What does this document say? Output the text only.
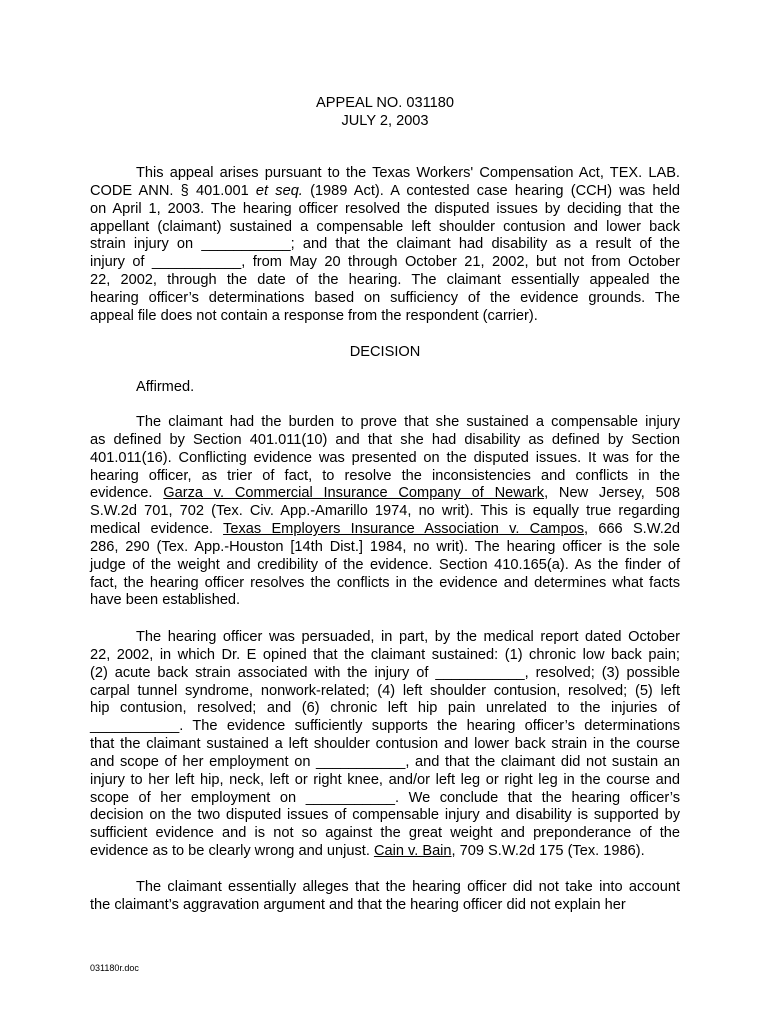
APPEAL NO. 031180
JULY 2, 2003
This appeal arises pursuant to the Texas Workers' Compensation Act, TEX. LAB.
CODE ANN. § 401.001 et seq. (1989 Act). A contested case hearing (CCH) was held
on April 1, 2003. The hearing officer resolved the disputed issues by deciding that the
appellant (claimant) sustained a compensable left shoulder contusion and lower back
strain injury on ___________; and that the claimant had disability as a result of the
injury of ___________, from May 20 through October 21, 2002, but not from October
22, 2002, through the date of the hearing. The claimant essentially appealed the
hearing officer’s determinations based on sufficiency of the evidence grounds. The
appeal file does not contain a response from the respondent (carrier).
DECISION
Affirmed.
The claimant had the burden to prove that she sustained a compensable injury
as defined by Section 401.011(10) and that she had disability as defined by Section
401.011(16). Conflicting evidence was presented on the disputed issues. It was for the
hearing officer, as trier of fact, to resolve the inconsistencies and conflicts in the
evidence. Garza v. Commercial Insurance Company of Newark, New Jersey, 508
S.W.2d 701, 702 (Tex. Civ. App.-Amarillo 1974, no writ). This is equally true regarding
medical evidence. Texas Employers Insurance Association v. Campos, 666 S.W.2d
286, 290 (Tex. App.-Houston [14th Dist.] 1984, no writ). The hearing officer is the sole
judge of the weight and credibility of the evidence. Section 410.165(a). As the finder of
fact, the hearing officer resolves the conflicts in the evidence and determines what facts
have been established.
The hearing officer was persuaded, in part, by the medical report dated October
22, 2002, in which Dr. E opined that the claimant sustained: (1) chronic low back pain;
(2) acute back strain associated with the injury of ___________, resolved; (3) possible
carpal tunnel syndrome, nonwork-related; (4) left shoulder contusion, resolved; (5) left
hip contusion, resolved; and (6) chronic left hip pain unrelated to the injuries of
___________. The evidence sufficiently supports the hearing officer’s determinations
that the claimant sustained a left shoulder contusion and lower back strain in the course
and scope of her employment on ___________, and that the claimant did not sustain an
injury to her left hip, neck, left or right knee, and/or left leg or right leg in the course and
scope of her employment on ___________. We conclude that the hearing officer’s
decision on the two disputed issues of compensable injury and disability is supported by
sufficient evidence and is not so against the great weight and preponderance of the
evidence as to be clearly wrong and unjust. Cain v. Bain, 709 S.W.2d 175 (Tex. 1986).
The claimant essentially alleges that the hearing officer did not take into account
the claimant’s aggravation argument and that the hearing officer did not explain her
031180r.doc
